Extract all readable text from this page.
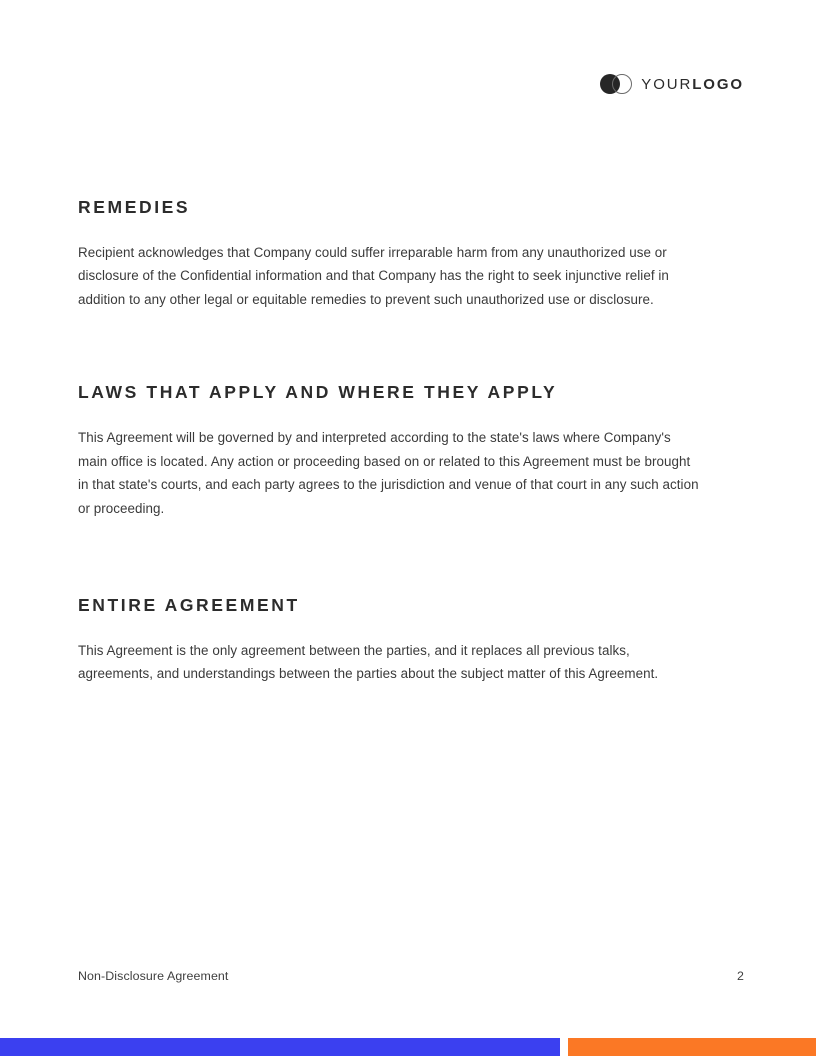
YOURLOGO
REMEDIES

Recipient acknowledges that Company could suffer irreparable harm from any unauthorized use or disclosure of the Confidential information and that Company has the right to seek injunctive relief in addition to any other legal or equitable remedies to prevent such unauthorized use or disclosure.

LAWS THAT APPLY AND WHERE THEY APPLY

This Agreement will be governed by and interpreted according to the state's laws where Company's main office is located. Any action or proceeding based on or related to this Agreement must be brought in that state's courts, and each party agrees to the jurisdiction and venue of that court in any such action or proceeding.

ENTIRE AGREEMENT

This Agreement is the only agreement between the parties, and it replaces all previous talks, agreements, and understandings between the parties about the subject matter of this Agreement.

Non-Disclosure Agreement	2
